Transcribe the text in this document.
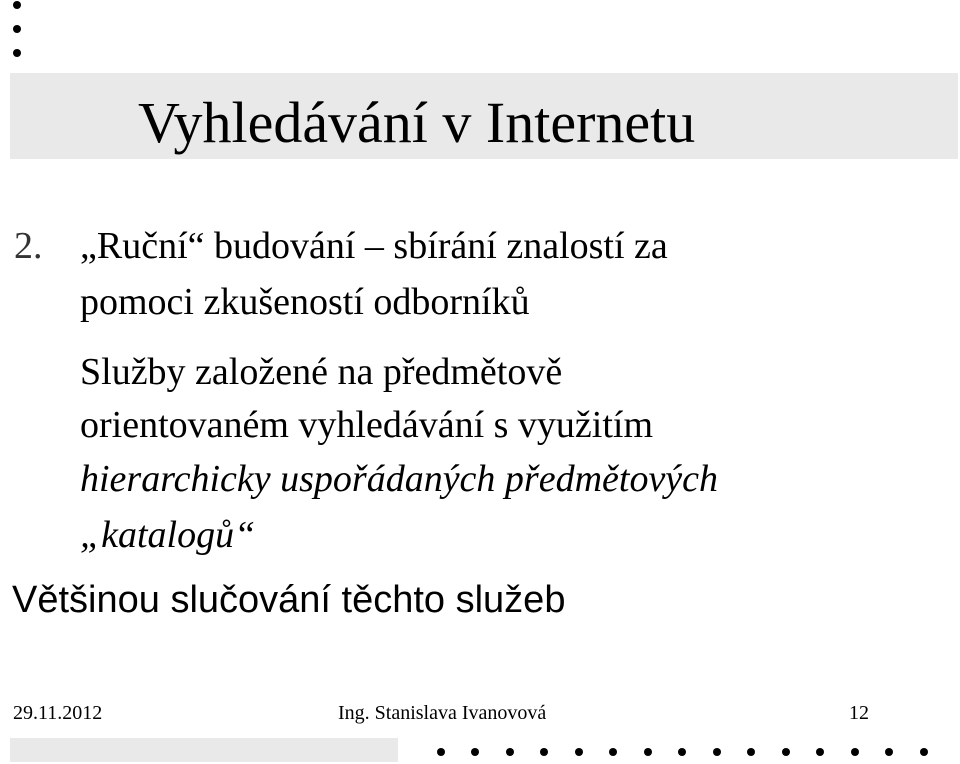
Vyhledávání v Internetu
2. „Ruční“ budování – sbírání znalostí za
pomoci zkušeností odborníků
Služby založené na předmětově
orientovaném vyhledávání s využitím
hierarchicky uspořádaných předmětových
„katalogů“
Většinou slučování těchto služeb
29.11.2012	Ing. Stanislava Ivanovová	12
